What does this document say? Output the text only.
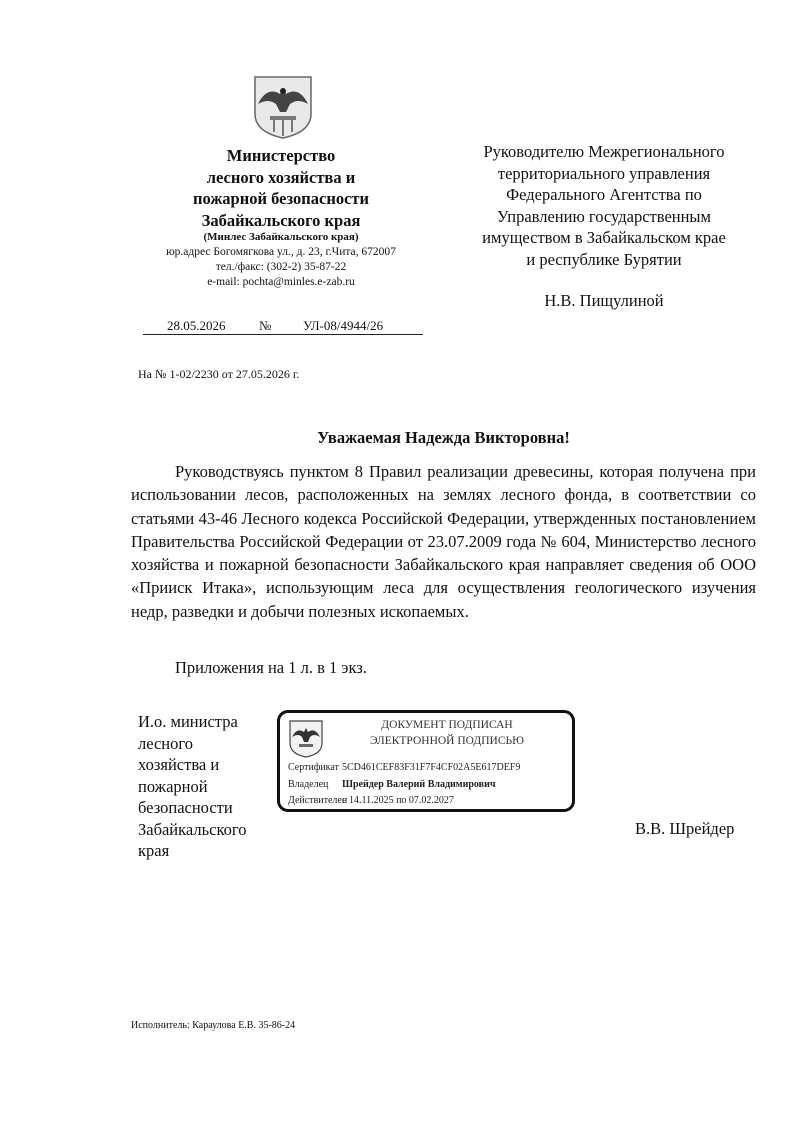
Министерство
лесного хозяйства и
пожарной безопасности
Забайкальского края
(Минлес Забайкальского края)
юр.адрес Богомягкова ул., д. 23, г.Чита, 672007
тел./факс: (302-2) 35-87-22
e-mail: pochta@minles.e-zab.ru
28.05.2026	№ УЛ-08/4944/26
На № 1-02/2230 от 27.05.2026 г.
Руководителю Межрегионального
территориального управления
Федерального Агентства по
Управлению государственным
имуществом в Забайкальском крае
и республике Бурятии
Н.В. Пищулиной
Уважаемая Надежда Викторовна!

Руководствуясь пунктом 8 Правил реализации древесины, которая получена при использовании лесов, расположенных на землях лесного фонда, в соответствии со статьями 43-46 Лесного кодекса Российской Федерации, утвержденных постановлением Правительства Российской Федерации от 23.07.2009 года № 604, Министерство лесного хозяйства и пожарной безопасности Забайкальского края направляет сведения об ООО «Прииск Итака», использующим леса для осуществления геологического изучения недр, разведки и добычи полезных ископаемых.

Приложения на 1 л. в 1 экз.
И.о. министра
лесного
хозяйства и
пожарной
безопасности
Забайкальского
края
ДОКУМЕНТ ПОДПИСАН
ЭЛЕКТРОННОЙ ПОДПИСЬЮ
Сертификат 5CD461CEF83F31F7F4CF02A5E617DEF9
Владелец Шрейдер Валерий Владимирович
Действителенс 14.11.2025 по 07.02.2027
В.В. Шрейдер
Исполнитель: Караулова Е.В. 35-86-24
